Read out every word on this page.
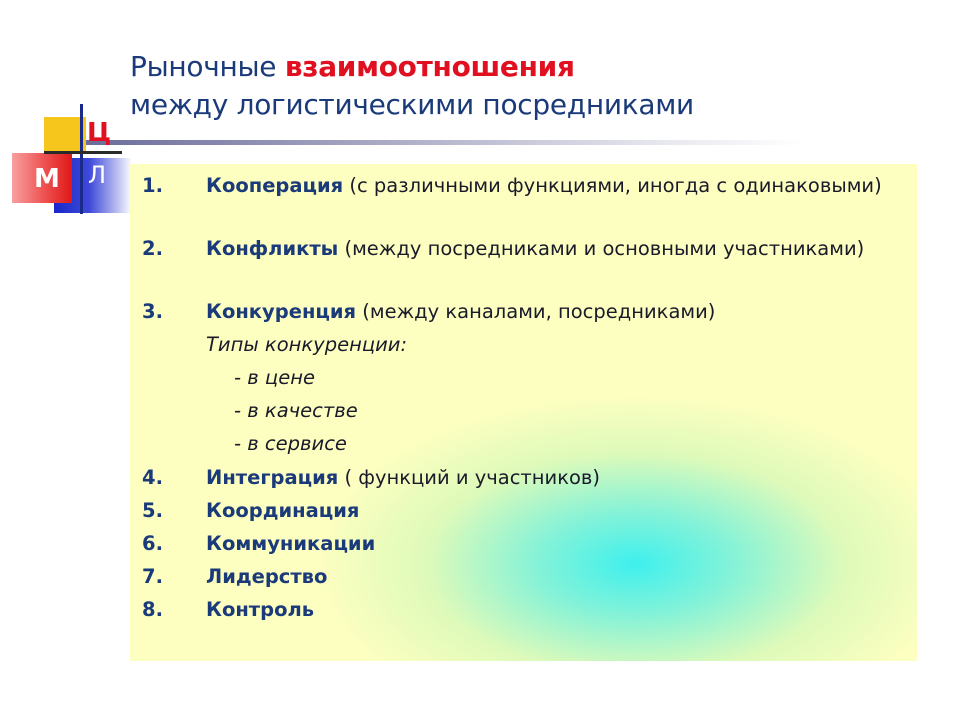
Рыночные взаимоотношения
между логистическими посредниками
Ц
Л
М	1.	Кооперация (с различными функциями, иногда с одинаковыми)
2.	Конфликты (между посредниками и основными участниками)
3.	Конкуренция (между каналами, посредниками)
Типы конкуренции:
- в цене
- в качестве
- в сервисе
4.	Интеграция ( функций и участников)
5.	Координация
6.	Коммуникации
7.	Лидерство
8.	Контроль
